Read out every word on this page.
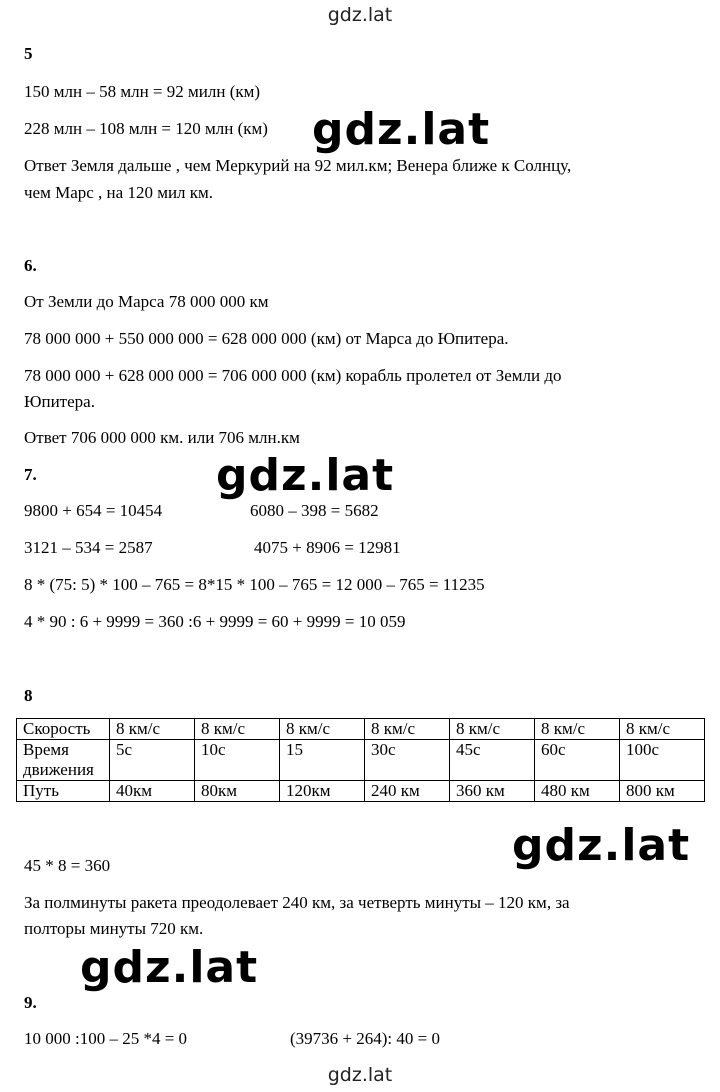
gdz.lat
gdz.lat
5
150 млн – 58 млн = 92 милн (км)
228 млн – 108 млн = 120 млн (км) gdz.lat
Ответ Земля дальше , чем Меркурий на 92 мил.км; Венера ближе к Солнцу,
чем Марс , на 120 мил км.
6.
От Земли до Марса 78 000 000 км
78 000 000 + 550 000 000 = 628 000 000 (км) от Марса до Юпитера.
78 000 000 + 628 000 000 = 706 000 000 (км) корабль пролетел от Земли до
Юпитера.
Ответ 706 000 000 км. или 706 млн.км
7.	gdz.lat
9800 + 654 = 10454	6080 – 398 = 5682
3121 – 534 = 2587	4075 + 8906 = 12981
8 * (75: 5) * 100 – 765 = 8*15 * 100 – 765 = 12 000 – 765 = 11235
4 * 90 : 6 + 9999 = 360 :6 + 9999 = 60 + 9999 = 10 059
8
Скорость	8 км/с	8 км/с	8 км/с	8 км/с	8 км/с	8 км/с	8 км/с
Время
движения	5с	10с	15	30с	45с	60с	100с
Путь	40км	80км	120км	240 км	360 км	480 км	800 км
gdz.lat
45 * 8 = 360
За полминуты ракета преодолевает 240 км, за четверть минуты – 120 км, за
полторы минуты 720 км.
gdz.lat
9.
10 000 :100 – 25 *4 = 0	(39736 + 264): 40 = 0
